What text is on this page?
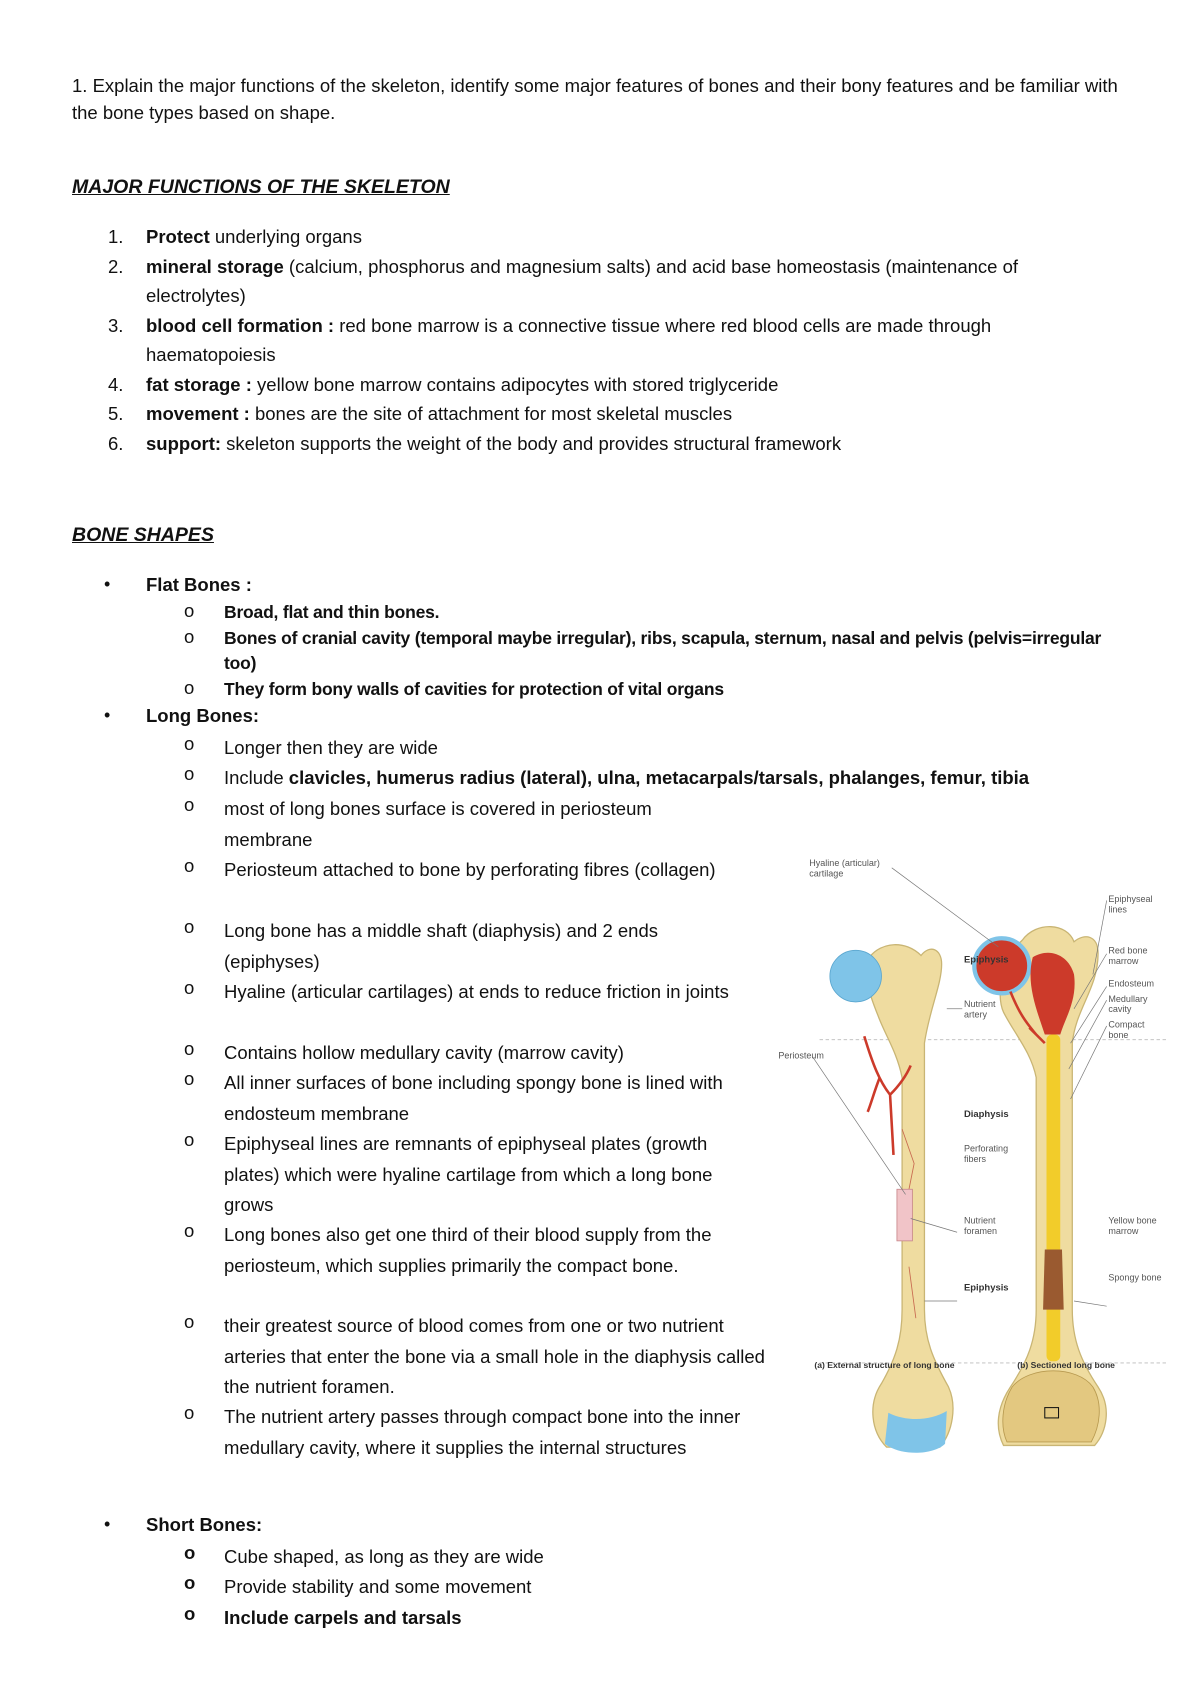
1. Explain the major functions of the skeleton, identify some major features of bones and their bony features and be familiar with the bone types based on shape.
MAJOR FUNCTIONS OF THE SKELETON
1. Protect underlying organs
2. mineral storage (calcium, phosphorus and magnesium salts) and acid base homeostasis (maintenance of electrolytes)
3. blood cell formation : red bone marrow is a connective tissue where red blood cells are made through haematopoiesis
4. fat storage : yellow bone marrow contains adipocytes with stored triglyceride
5. movement : bones are the site of attachment for most skeletal muscles
6. support: skeleton supports the weight of the body and provides structural framework
BONE SHAPES
• Flat Bones :
o Broad, flat and thin bones.
o Bones of cranial cavity (temporal maybe irregular), ribs, scapula, sternum, nasal and pelvis (pelvis=irregular too)
o They form bony walls of cavities for protection of vital organs
• Long Bones:
o Longer then they are wide
o Include clavicles, humerus radius (lateral), ulna, metacarpals/tarsals, phalanges, femur, tibia
o most of long bones surface is covered in periosteum membrane
o Periosteum attached to bone by perforating fibres (collagen)
o Long bone has a middle shaft (diaphysis) and 2 ends (epiphyses)
o Hyaline (articular cartilages) at ends to reduce friction in joints
o Contains hollow medullary cavity (marrow cavity)
o All inner surfaces of bone including spongy bone is lined with endosteum membrane
o Epiphyseal lines are remnants of epiphyseal plates (growth plates) which were hyaline cartilage from which a long bone grows
o Long bones also get one third of their blood supply from the periosteum, which supplies primarily the compact bone.
o their greatest source of blood comes from one or two nutrient arteries that enter the bone via a small hole in the diaphysis called the nutrient foramen.
o The nutrient artery passes through compact bone into the inner medullary cavity, where it supplies the internal structures
• Short Bones:
o Cube shaped, as long as they are wide
o Provide stability and some movement
o Include carpels and tarsals
Hyaline (articular)
cartilage
Epiphyseal
lines
Red bone
marrow
Epiphysis
Endosteum
Nutrient
artery
Medullary
cavity
Compact
bone
Periosteum
Diaphysis
Perforating
fibers
Nutrient
foramen
Yellow bone
marrow
Spongy bone
Epiphysis
(a) External structure of long bone	(b) Sectioned long bone
